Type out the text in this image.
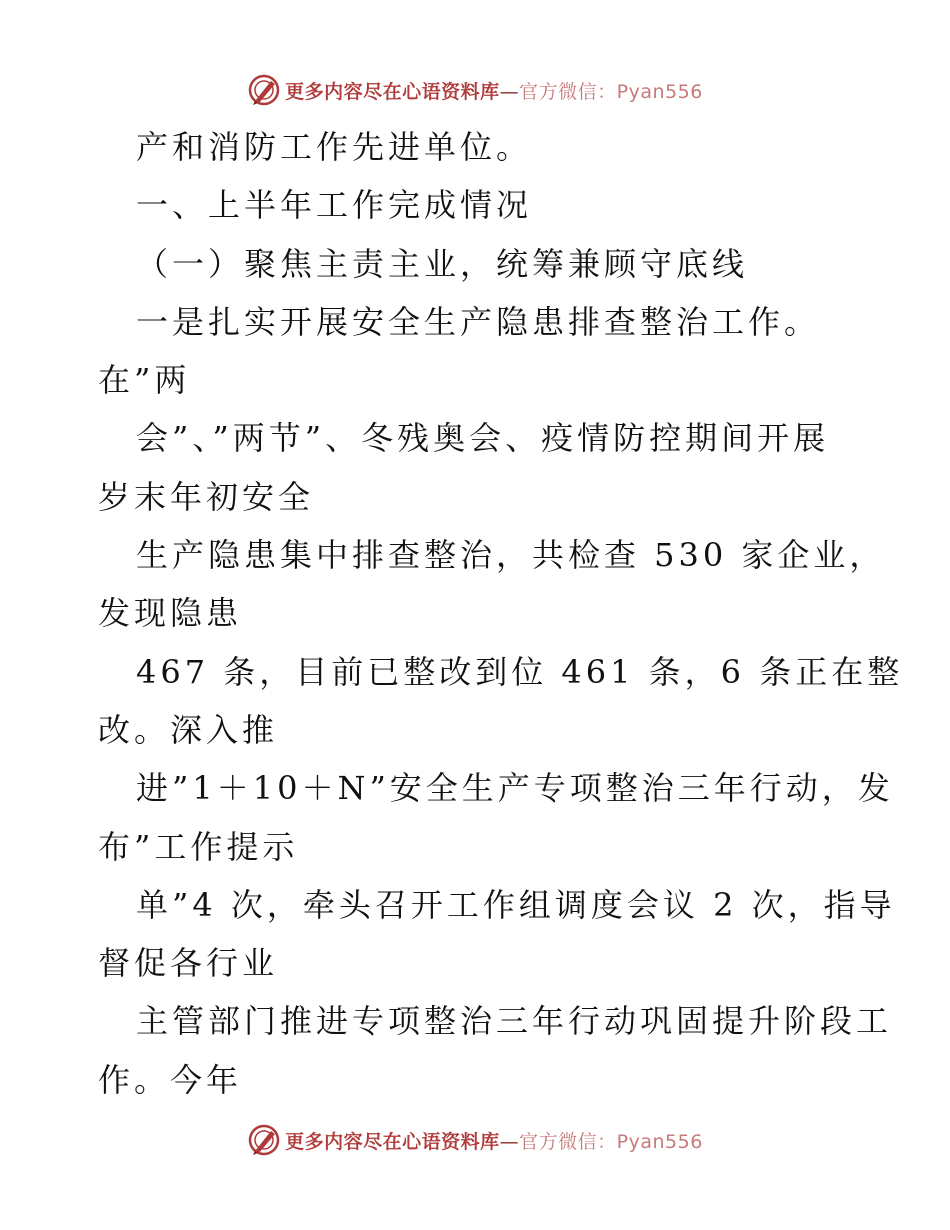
更多内容尽在心语资料库—官方微信：Pyan556
产和消防工作先进单位。
一、上半年工作完成情况
（一）聚焦主责主业，统筹兼顾守底线
一是扎实开展安全生产隐患排查整治工作。
在”两
会”、”两节”、冬残奥会、疫情防控期间开展
岁末年初安全
生产隐患集中排查整治，共检查 530 家企业，
发现隐患
467 条，目前已整改到位 461 条，6 条正在整
改。深入推
进”1＋10＋N”安全生产专项整治三年行动，发
布”工作提示
单”4 次，牵头召开工作组调度会议 2 次，指导
督促各行业
主管部门推进专项整治三年行动巩固提升阶段工
作。今年
更多内容尽在心语资料库—官方微信：Pyan556
